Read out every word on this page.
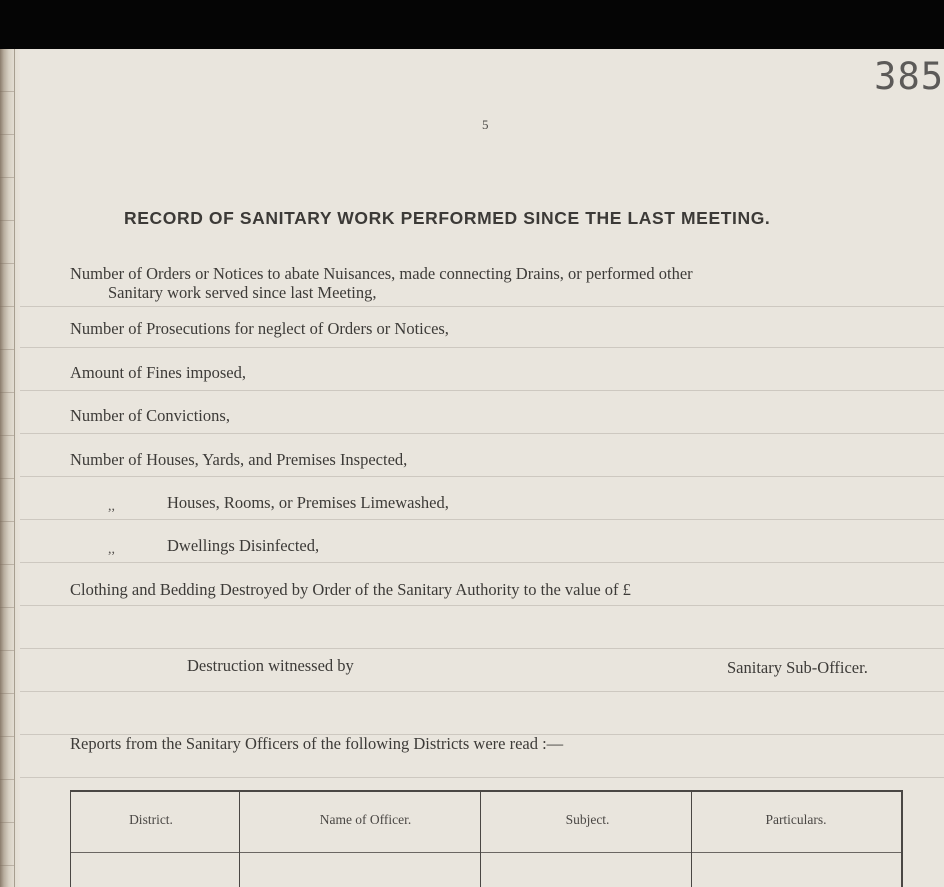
385
5
RECORD OF SANITARY WORK PERFORMED SINCE THE LAST MEETING.
Number of Orders or Notices to abate Nuisances, made connecting Drains, or performed other
Sanitary work served since last Meeting,
Number of Prosecutions for neglect of Orders or Notices,
Amount of Fines imposed,
Number of Convictions,
Number of Houses, Yards, and Premises Inspected,
,,	Houses, Rooms, or Premises Limewashed,
,,	Dwellings Disinfected,
Clothing and Bedding Destroyed by Order of the Sanitary Authority to the value of £
Destruction witnessed by	Sanitary Sub-Officer.
Reports from the Sanitary Officers of the following Districts were read :—
District.	Name of Officer.	Subject.	Particulars.
